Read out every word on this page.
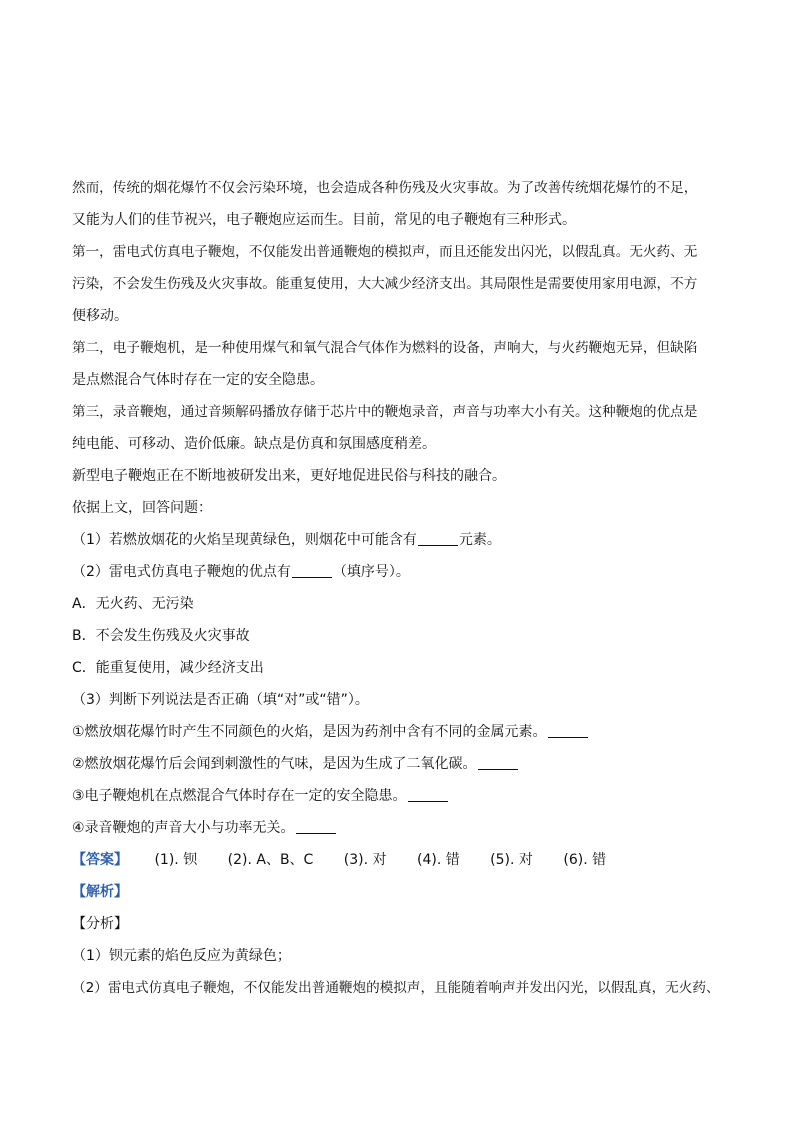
然而，传统的烟花爆竹不仅会污染环境，也会造成各种伤残及火灾事故。为了改善传统烟花爆竹的不足，
又能为人们的佳节祝兴，电子鞭炮应运而生。目前，常见的电子鞭炮有三种形式。
第一，雷电式仿真电子鞭炮，不仅能发出普通鞭炮的模拟声，而且还能发出闪光，以假乱真。无火药、无
污染，不会发生伤残及火灾事故。能重复使用，大大减少经济支出。其局限性是需要使用家用电源，不方
便移动。
第二，电子鞭炮机，是一种使用煤气和氧气混合气体作为燃料的设备，声响大，与火药鞭炮无异，但缺陷
是点燃混合气体时存在一定的安全隐患。
第三，录音鞭炮，通过音频解码播放存储于芯片中的鞭炮录音，声音与功率大小有关。这种鞭炮的优点是
纯电能、可移动、造价低廉。缺点是仿真和氛围感度稍差。
新型电子鞭炮正在不断地被研发出来，更好地促进民俗与科技的融合。
依据上文，回答问题：
（1）若燃放烟花的火焰呈现黄绿色，则烟花中可能含有	元素。
（2）雷电式仿真电子鞭炮的优点有	（填序号）。
A．无火药、无污染
B．不会发生伤残及火灾事故
C．能重复使用，减少经济支出
（3）判断下列说法是否正确（填“对”或“错”）。
①燃放烟花爆竹时产生不同颜色的火焰，是因为药剂中含有不同的金属元素。
②燃放烟花爆竹后会闻到刺激性的气味，是因为生成了二氧化碳。
③电子鞭炮机在点燃混合气体时存在一定的安全隐患。
④录音鞭炮的声音大小与功率无关。
【答案】 (1). 钡 (2). A、B、C (3). 对 (4). 错 (5). 对 (6). 错
【解析】
【分析】
（1）钡元素的焰色反应为黄绿色；
（2）雷电式仿真电子鞭炮，不仅能发出普通鞭炮的模拟声，且能随着响声并发出闪光，以假乱真，无火药、
